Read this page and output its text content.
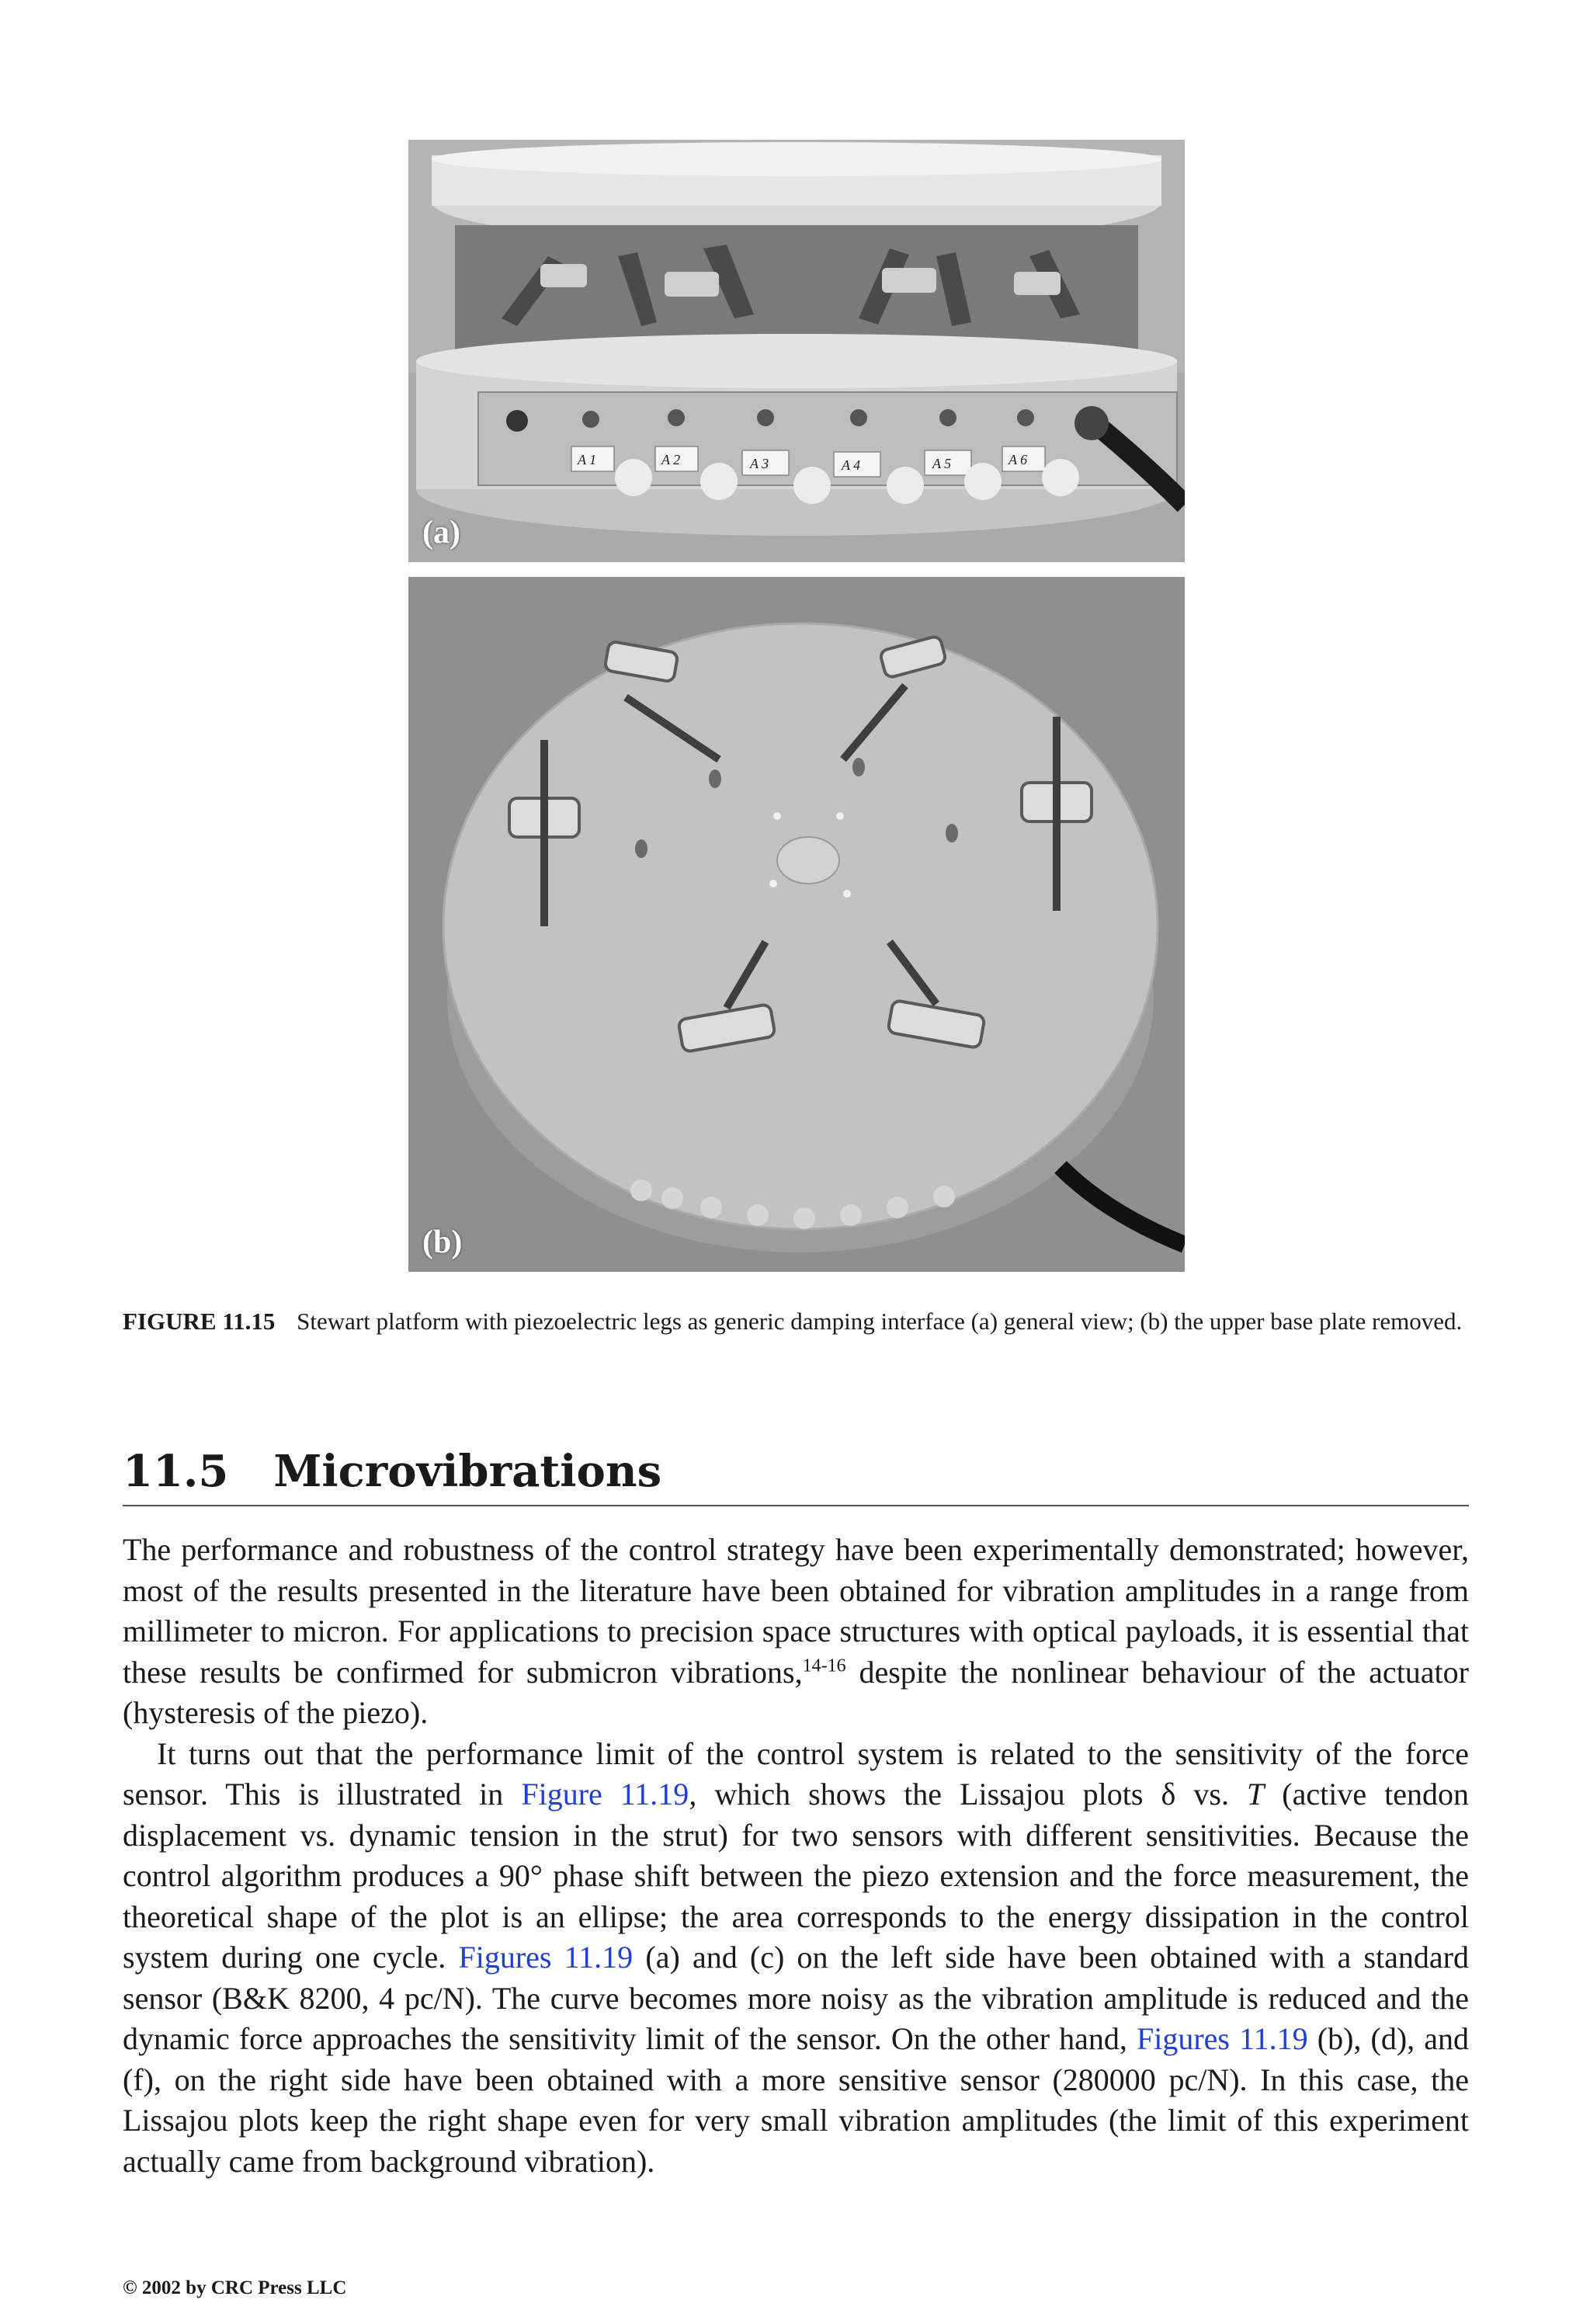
A 1	A 2	A 3	A 4	A 5	A 6
(a)
(b)
FIGURE 11.15 Stewart platform with piezoelectric legs as generic damping interface (a) general view; (b) the upper base plate removed.
11.5 Microvibrations

The performance and robustness of the control strategy have been experimentally demonstrated; however, most of the results presented in the literature have been obtained for vibration amplitudes in a range from millimeter to micron. For applications to precision space structures with optical payloads, it is essential that these results be confirmed for submicron vibrations,$^{14-16}$ despite the nonlinear behaviour of the actuator (hysteresis of the piezo).

It turns out that the performance limit of the control system is related to the sensitivity of the force sensor. This is illustrated in Figure 11.19, which shows the Lissajou plots δ vs. T (active tendon displacement vs. dynamic tension in the strut) for two sensors with different sensitivities. Because the control algorithm produces a 90° phase shift between the piezo extension and the force measurement, the theoretical shape of the plot is an ellipse; the area corresponds to the energy dissipation in the control system during one cycle. Figures 11.19 (a) and (c) on the left side have been obtained with a standard sensor (B&K 8200, 4 pc/N). The curve becomes more noisy as the vibration amplitude is reduced and the dynamic force approaches the sensitivity limit of the sensor. On the other hand, Figures 11.19 (b), (d), and (f), on the right side have been obtained with a more sensitive sensor (280000 pc/N). In this case, the Lissajou plots keep the right shape even for very small vibration amplitudes (the limit of this experiment actually came from background vibration).

© 2002 by CRC Press LLC
